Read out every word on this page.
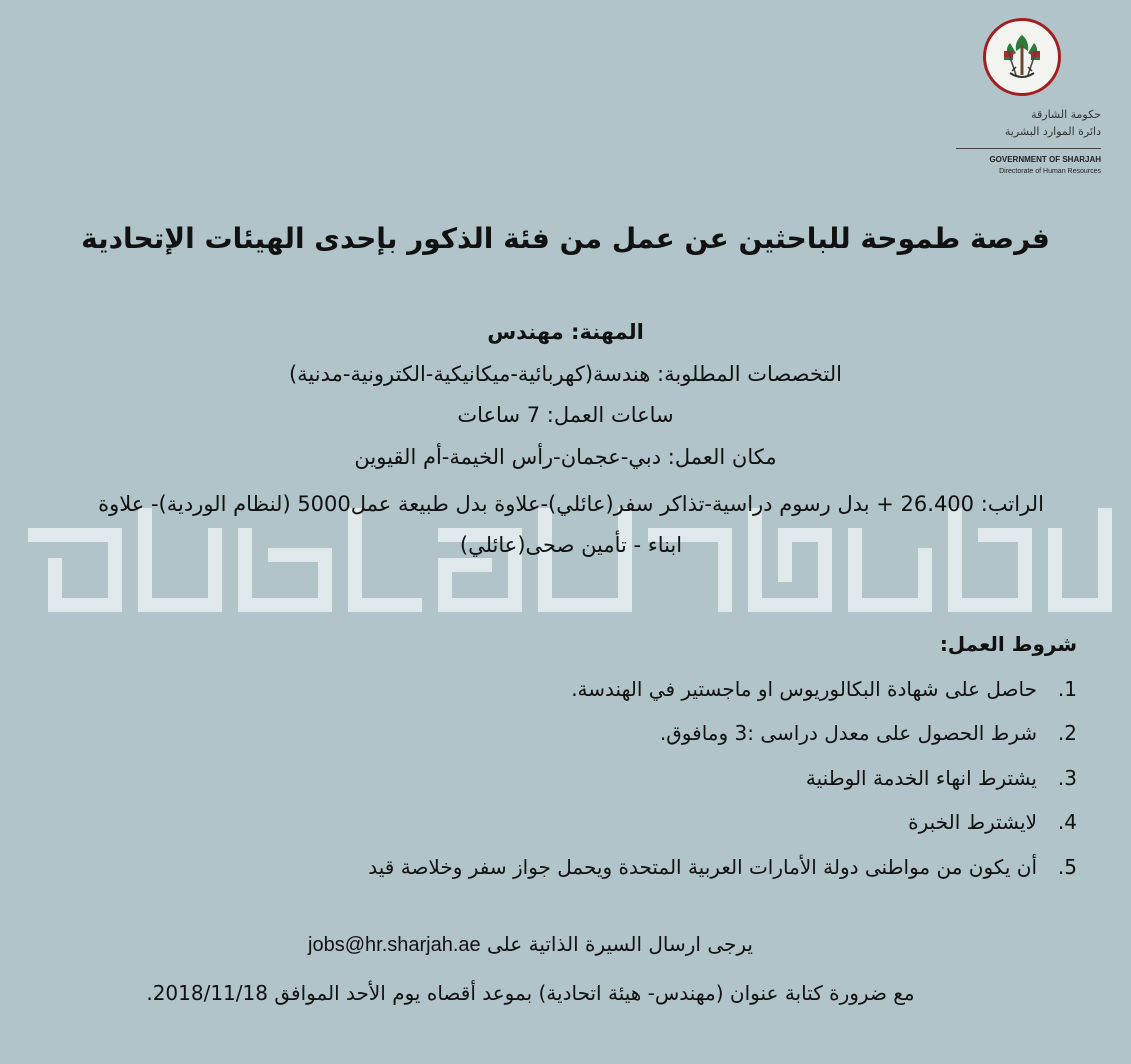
حكومة الشارقة
دائرة الموارد البشرية
GOVERNMENT OF SHARJAH
Directorate of Human Resources
فرصة طموحة للباحثين عن عمل من فئة الذكور بإحدى الهيئات الإتحادية
المهنة: مهندس
التخصصات المطلوبة: هندسة(كهربائية-ميكانيكية-الكترونية-مدنية)
ساعات العمل: 7 ساعات
مكان العمل: دبي-عجمان-رأس الخيمة-أم القيوين
الراتب: 26.400 + بدل رسوم دراسية-تذاكر سفر(عائلي)-علاوة بدل طبيعة عمل5000 (لنظام الوردية)- علاوة
ابناء - تأمين صحى(عائلي)
شروط العمل:
1.
حاصل على شهادة البكالوريوس او ماجستير في الهندسة.
2.
شرط الحصول على معدل دراسى :3 ومافوق.
3.
يشترط انهاء الخدمة الوطنية
4.
لايشترط الخبرة
5.
أن يكون من مواطنى دولة الأمارات العربية المتحدة ويحمل جواز سفر وخلاصة قيد
يرجى ارسال السيرة الذاتية على jobs@hr.sharjah.ae
مع ضرورة كتابة عنوان (مهندس- هيئة اتحادية) بموعد أقصاه يوم الأحد الموافق 2018/11/18.
